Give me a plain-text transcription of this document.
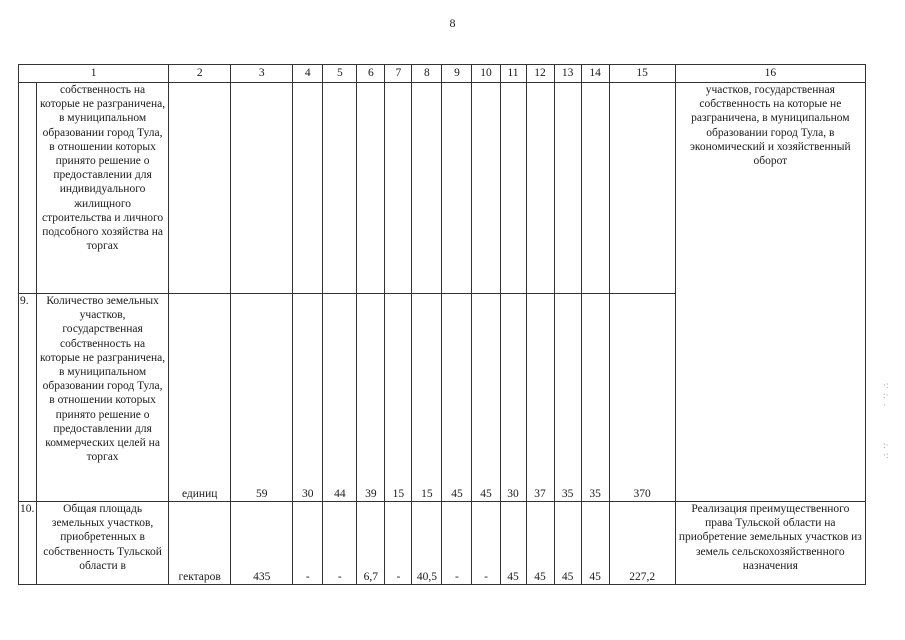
8
1		2	3	4	5	6	7	8	9	10	11	12	13	14	15	16
	собственность на которые не разграничена, в муниципальном образовании город Тула, в отношении которых принято решение о предоставлении для индивидуального жилищного строительства и личного подсобного хозяйства на торгах															участков, государственная собственность на которые не разграничена, в муниципальном образовании город Тула, в экономический и хозяйственный оборот
9.	Количество земельных участков, государственная собственность на которые не разграничена, в муниципальном образовании город Тула, в отношении которых принято решение о предоставлении для коммерческих целей на торгах	единиц	59	30	44	39	15	15	45	45	30	37	35	35	370	
10.	Общая площадь земельных участков, приобретенных в собственность Тульской области в	гектаров	435	-	-	6,7	-	40,5	-	-	45	45	45	45	227,2	Реализация преимущественного права Тульской области на приобретение земельных участков из земель сельскохозяйственного назначения
·:
:·
·
:·
·:
